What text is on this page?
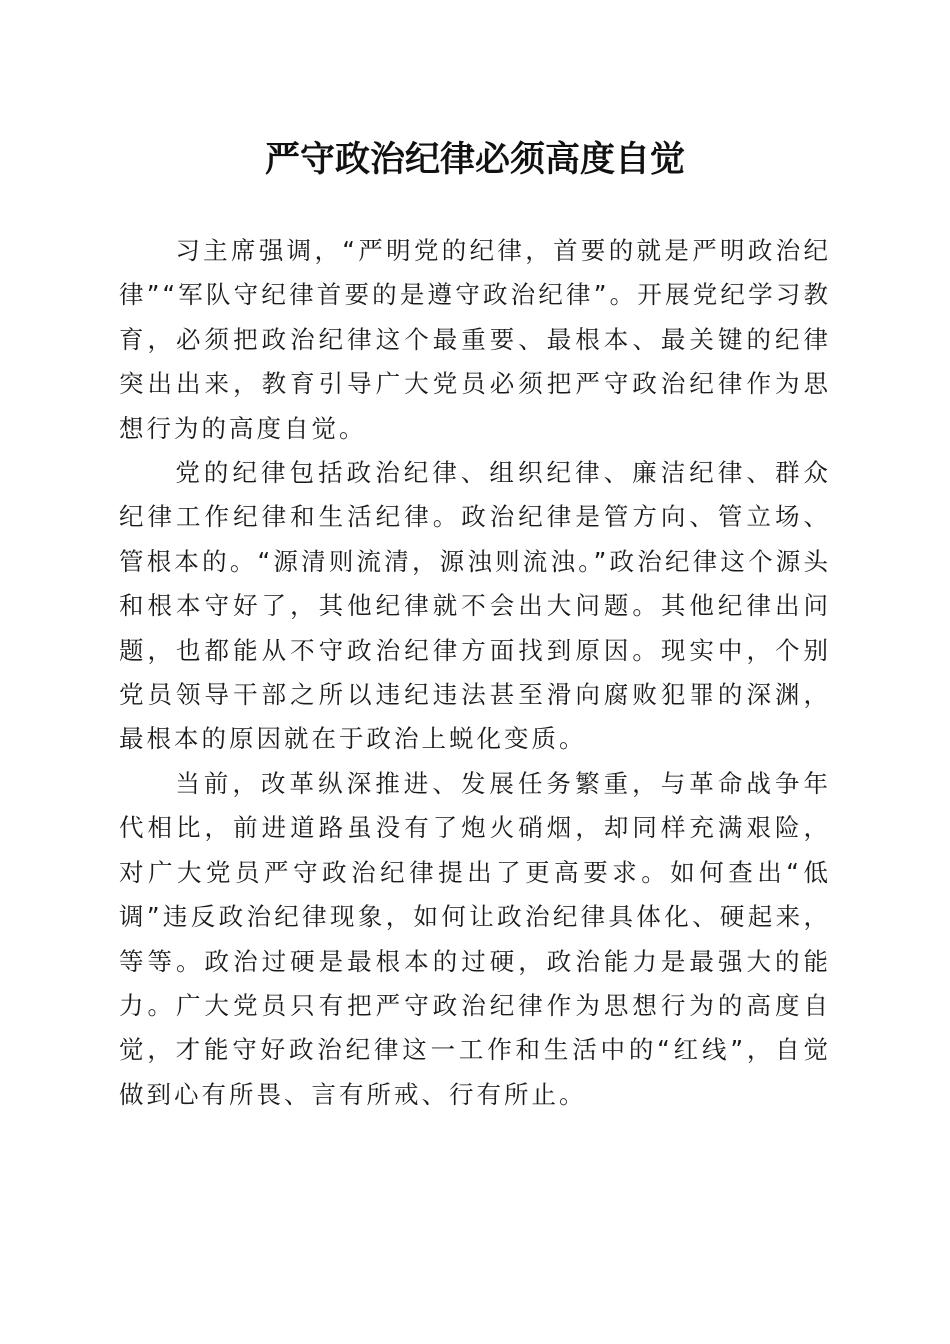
严守政治纪律必须高度自觉

习主席强调，“严明党的纪律，首要的就是严明政治纪律”“军队守纪律首要的是遵守政治纪律”。开展党纪学习教育，必须把政治纪律这个最重要、最根本、最关键的纪律突出出来，教育引导广大党员必须把严守政治纪律作为思想行为的高度自觉。

党的纪律包括政治纪律、组织纪律、廉洁纪律、群众纪律工作纪律和生活纪律。政治纪律是管方向、管立场、管根本的。“源清则流清，源浊则流浊。”政治纪律这个源头和根本守好了，其他纪律就不会出大问题。其他纪律出问题，也都能从不守政治纪律方面找到原因。现实中，个别党员领导干部之所以违纪违法甚至滑向腐败犯罪的深渊，最根本的原因就在于政治上蜕化变质。

当前，改革纵深推进、发展任务繁重，与革命战争年代相比，前进道路虽没有了炮火硝烟，却同样充满艰险，对广大党员严守政治纪律提出了更高要求。如何查出“低调”违反政治纪律现象，如何让政治纪律具体化、硬起来，等等。政治过硬是最根本的过硬，政治能力是最强大的能力。广大党员只有把严守政治纪律作为思想行为的高度自觉，才能守好政治纪律这一工作和生活中的“红线”，自觉做到心有所畏、言有所戒、行有所止。
